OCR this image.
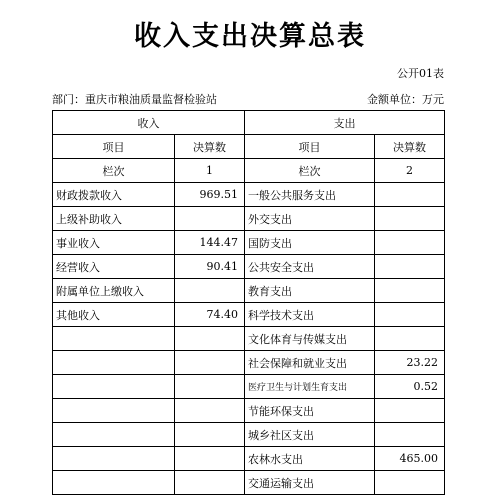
收入支出决算总表
公开01表
部门：重庆市粮油质量监督检验站	金额单位：万元
收入		支出	
项目	决算数	项目	决算数
栏次	1	栏次	2
财政拨款收入	969.51	一般公共服务支出	
上级补助收入		外交支出	
事业收入	144.47	国防支出	
经营收入	90.41	公共安全支出	
附属单位上缴收入		教育支出	
其他收入	74.40	科学技术支出	
		文化体育与传媒支出	
		社会保障和就业支出	23.22
		医疗卫生与计划生育支出	0.52
		节能环保支出	
		城乡社区支出	
		农林水支出	465.00
		交通运输支出	
